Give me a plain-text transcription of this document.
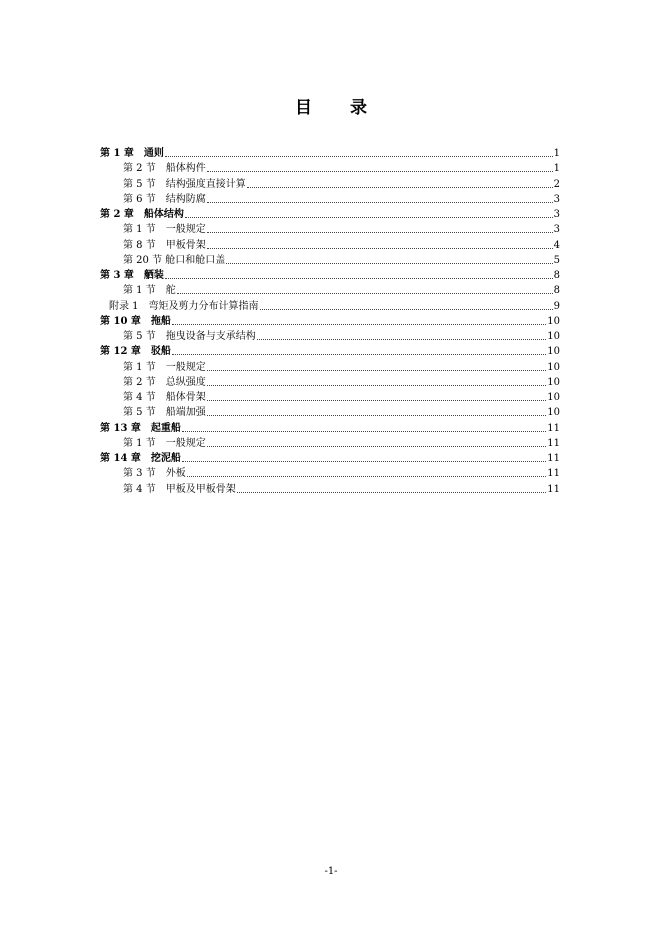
目 录
第 1 章　通则	1
第 2 节　船体构件	1
第 5 节　结构强度直接计算	2
第 6 节　结构防腐	3
第 2 章　船体结构	3
第 1 节　一般规定	3
第 8 节　甲板骨架	4
第 20 节 舱口和舱口盖	5
第 3 章　舾装	8
第 1 节　舵	8
附录 1　弯矩及剪力分布计算指南	9
第 10 章　拖船	10
第 5 节　拖曳设备与支承结构	10
第 12 章　驳船	10
第 1 节　一般规定	10
第 2 节　总纵强度	10
第 4 节　船体骨架	10
第 5 节　船端加强	10
第 13 章　起重船	11
第 1 节　一般规定	11
第 14 章　挖泥船	11
第 3 节　外板	11
第 4 节　甲板及甲板骨架	11
-1-
